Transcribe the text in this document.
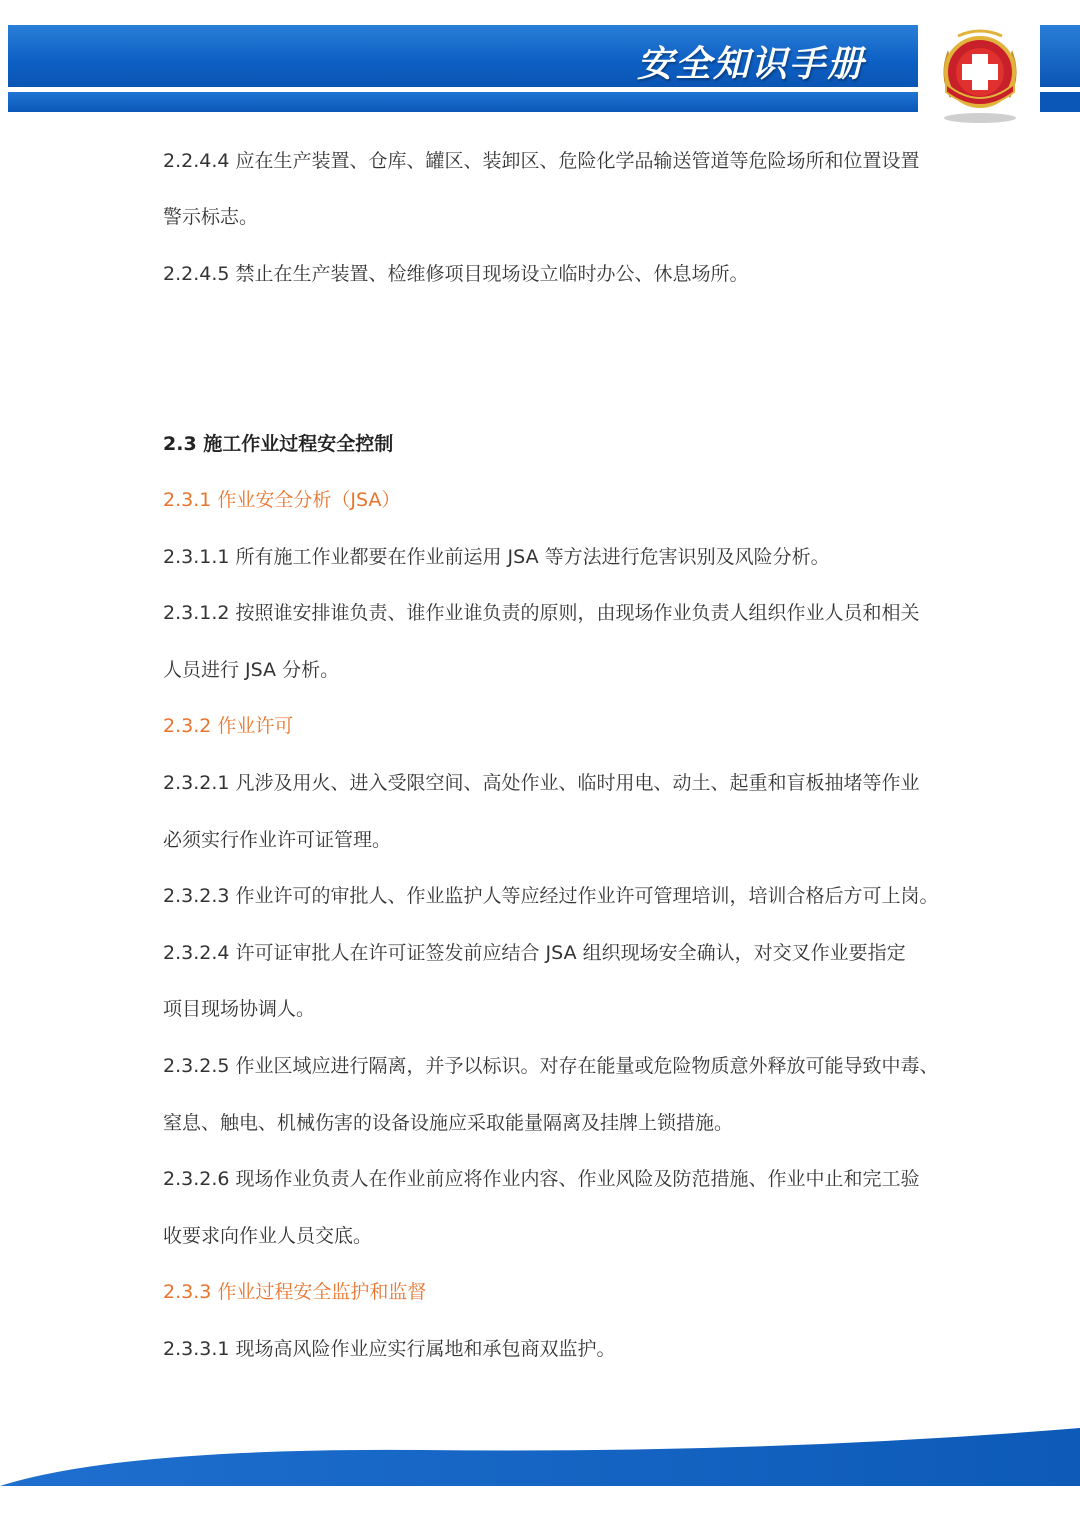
安全知识手册
2.2.4.4 应在生产装置、仓库、罐区、装卸区、危险化学品输送管道等危险场所和位置设置
警示标志。
2.2.4.5 禁止在生产装置、检维修项目现场设立临时办公、休息场所。
2.3 施工作业过程安全控制
2.3.1 作业安全分析（JSA）
2.3.1.1 所有施工作业都要在作业前运用 JSA 等方法进行危害识别及风险分析。
2.3.1.2 按照谁安排谁负责、谁作业谁负责的原则，由现场作业负责人组织作业人员和相关
人员进行 JSA 分析。
2.3.2 作业许可
2.3.2.1 凡涉及用火、进入受限空间、高处作业、临时用电、动土、起重和盲板抽堵等作业
必须实行作业许可证管理。
2.3.2.3 作业许可的审批人、作业监护人等应经过作业许可管理培训，培训合格后方可上岗。
2.3.2.4 许可证审批人在许可证签发前应结合 JSA 组织现场安全确认，对交叉作业要指定
项目现场协调人。
2.3.2.5 作业区域应进行隔离，并予以标识。对存在能量或危险物质意外释放可能导致中毒、
窒息、触电、机械伤害的设备设施应采取能量隔离及挂牌上锁措施。
2.3.2.6 现场作业负责人在作业前应将作业内容、作业风险及防范措施、作业中止和完工验
收要求向作业人员交底。
2.3.3 作业过程安全监护和监督
2.3.3.1 现场高风险作业应实行属地和承包商双监护。
